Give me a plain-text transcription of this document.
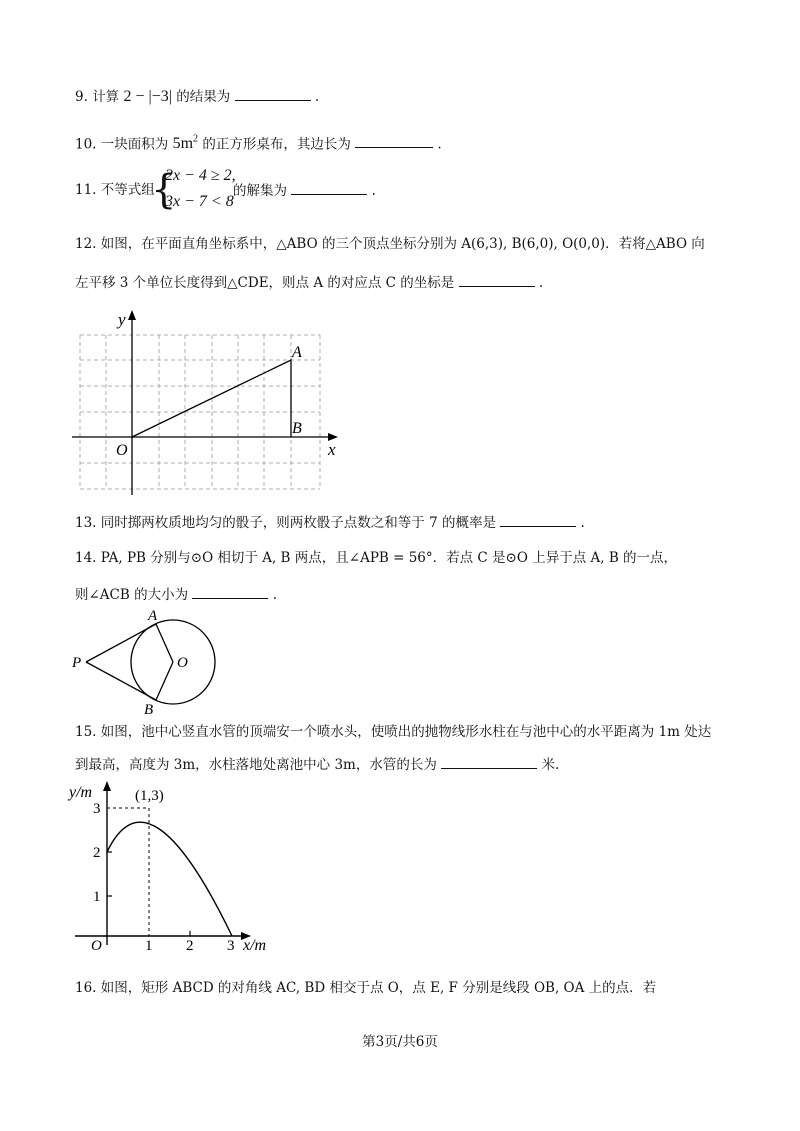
9. 计算 2 − |−3| 的结果为	.
10. 一块面积为 $5m^2$ 的正方形桌布，其边长为	.
11. 不等式组
{
2x − 4 ≥ 2,
3x − 7 < 8
的解集为	.
12. 如图，在平面直角坐标系中，△ABO 的三个顶点坐标分别为 A(6,3), B(6,0), O(0,0)．若将△ABO 向
左平移 3 个单位长度得到△CDE，则点 A 的对应点 C 的坐标是	.
y
x
O
A
B
13. 同时掷两枚质地均匀的骰子，则两枚骰子点数之和等于 7 的概率是	.
14. PA, PB 分别与⊙O 相切于 A, B 两点，且∠APB = 56°．若点 C 是⊙O 上异于点 A, B 的一点，
则∠ACB 的大小为	.
P
A
B
O
15. 如图，池中心竖直水管的顶端安一个喷水头，使喷出的抛物线形水柱在与池中心的水平距离为 1m 处达
到最高，高度为 3m，水柱落地处离池中心 3m，水管的长为	米.
y/m
x/m
O
(1,3)
1
2
3
1 2 3
16. 如图，矩形 ABCD 的对角线 AC, BD 相交于点 O，点 E, F 分别是线段 OB, OA 上的点．若
第3页/共6页
